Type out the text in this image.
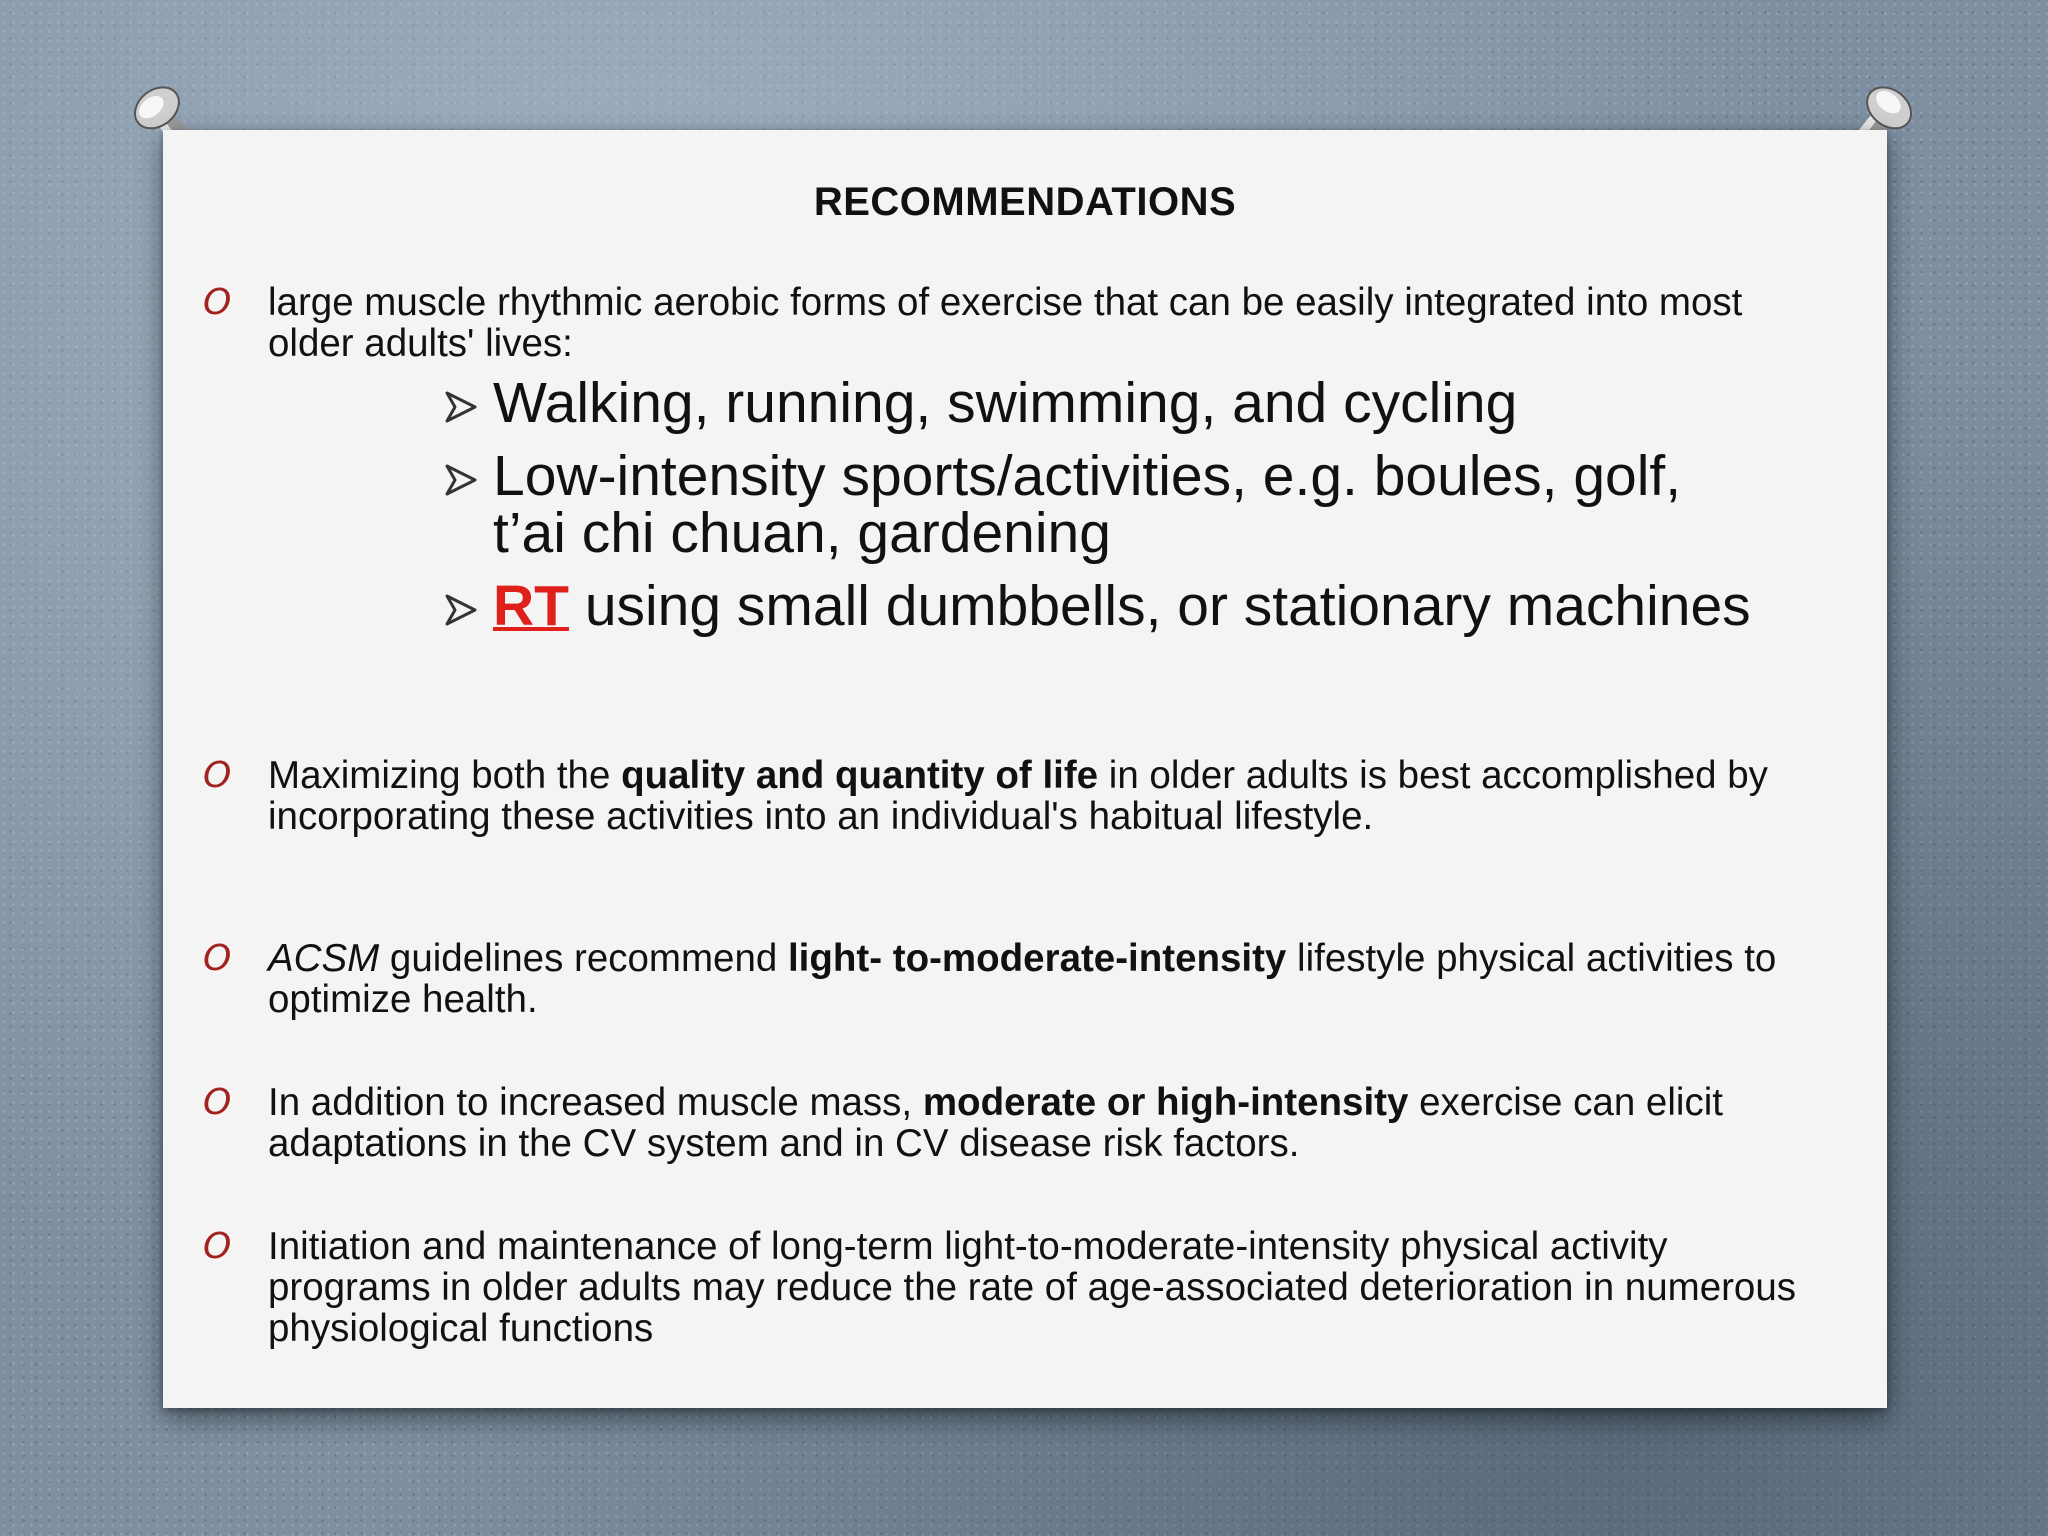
RECOMMENDATIONS
O large muscle rhythmic aerobic forms of exercise that can be easily integrated into most older adults' lives:
Walking, running, swimming, and cycling
Low-intensity sports/activities, e.g. boules, golf, t’ai chi chuan, gardening
RT using small dumbbells, or stationary machines
O Maximizing both the quality and quantity of life in older adults is best accomplished by incorporating these activities into an individual's habitual lifestyle.
O ACSM guidelines recommend light- to-moderate-intensity lifestyle physical activities to optimize health.
O In addition to increased muscle mass, moderate or high-intensity exercise can elicit adaptations in the CV system and in CV disease risk factors.
O Initiation and maintenance of long-term light-to-moderate-intensity physical activity programs in older adults may reduce the rate of age-associated deterioration in numerous physiological functions
